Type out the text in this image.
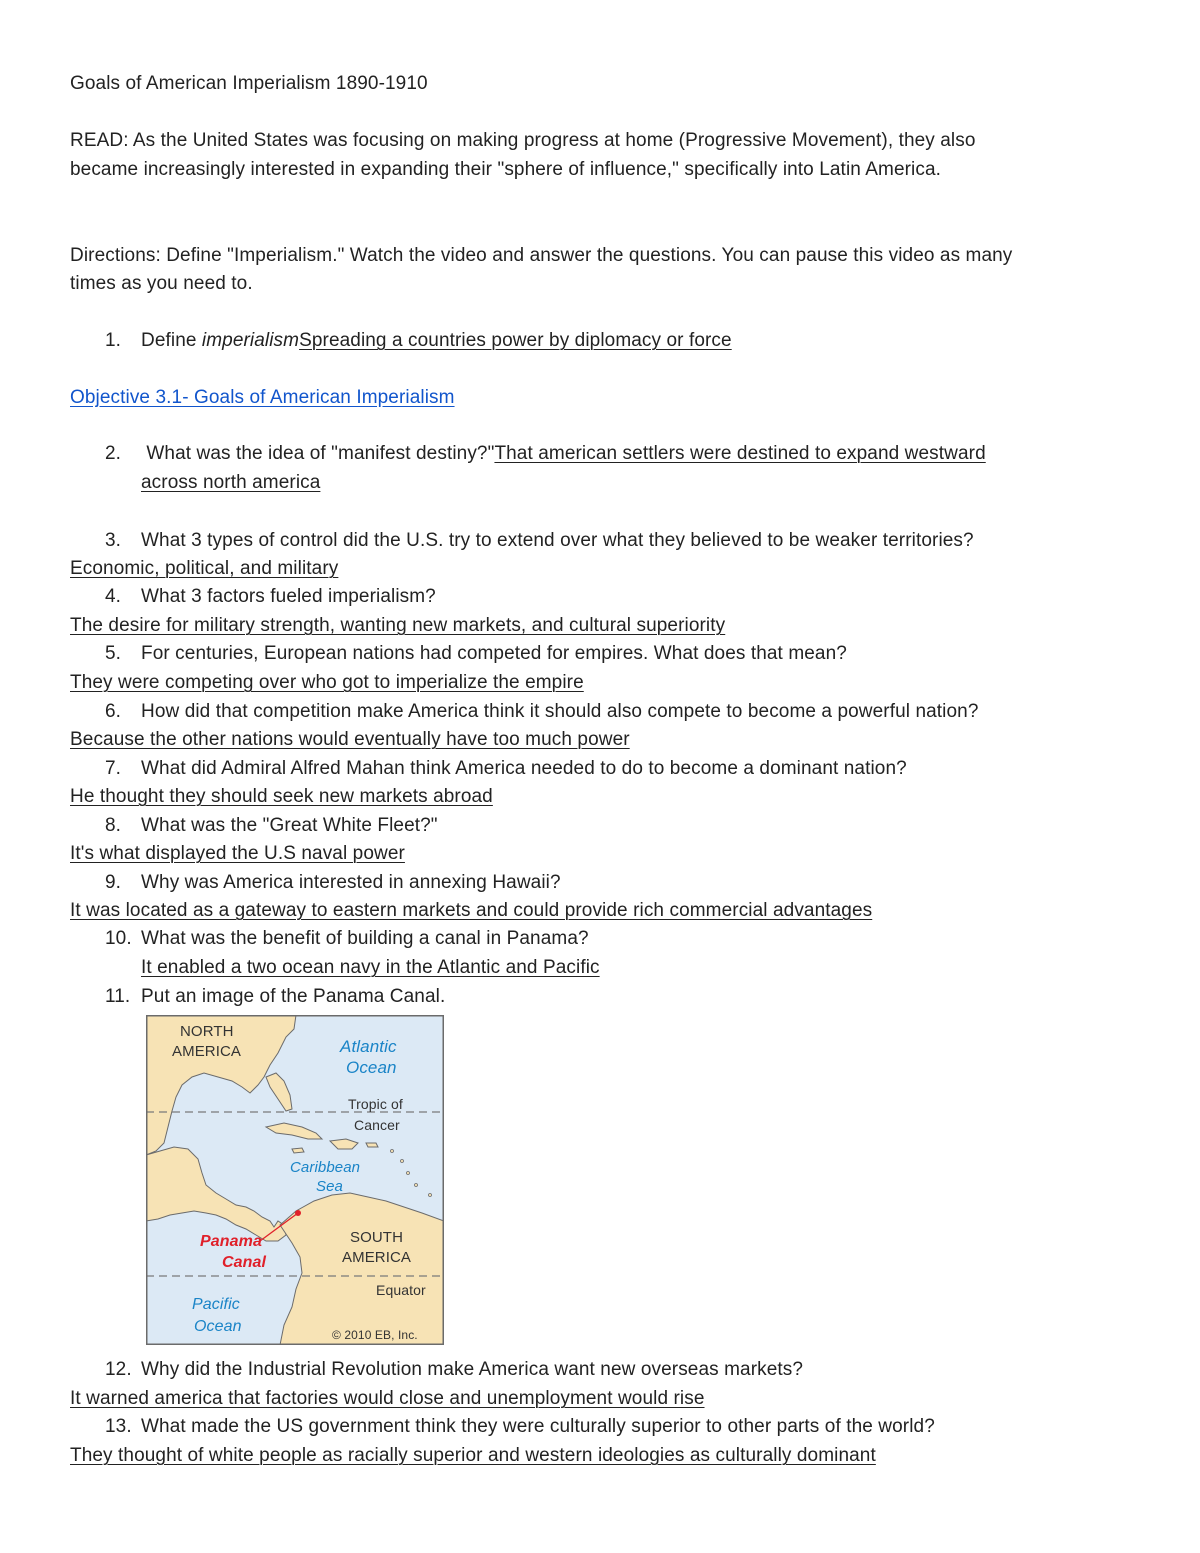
Goals of American Imperialism 1890-1910
READ: As the United States was focusing on making progress at home (Progressive Movement), they also
became increasingly interested in expanding their "sphere of influence," specifically into Latin America.
Directions: Define "Imperialism." Watch the video and answer the questions. You can pause this video as many
times as you need to.
1. Define imperialismSpreading a countries power by diplomacy or force
Objective 3.1- Goals of American Imperialism
2. What was the idea of "manifest destiny?"That american settlers were destined to expand westward
across north america
3. What 3 types of control did the U.S. try to extend over what they believed to be weaker territories?
Economic, political, and military
4. What 3 factors fueled imperialism?
The desire for military strength, wanting new markets, and cultural superiority
5. For centuries, European nations had competed for empires. What does that mean?
They were competing over who got to imperialize the empire
6. How did that competition make America think it should also compete to become a powerful nation?
Because the other nations would eventually have too much power
7. What did Admiral Alfred Mahan think America needed to do to become a dominant nation?
He thought they should seek new markets abroad
8. What was the "Great White Fleet?"
It's what displayed the U.S naval power
9. Why was America interested in annexing Hawaii?
It was located as a gateway to eastern markets and could provide rich commercial advantages
10. What was the benefit of building a canal in Panama?
It enabled a two ocean navy in the Atlantic and Pacific
11. Put an image of the Panama Canal.
NORTH
AMERICA	Atlantic
Ocean
Tropic of
Cancer
Caribbean
Sea
Panama
Canal
SOUTH
AMERICA
Equator
Pacific
Ocean	© 2010 EB, Inc.
12. Why did the Industrial Revolution make America want new overseas markets?
It warned america that factories would close and unemployment would rise
13. What made the US government think they were culturally superior to other parts of the world?
They thought of white people as racially superior and western ideologies as culturally dominant
